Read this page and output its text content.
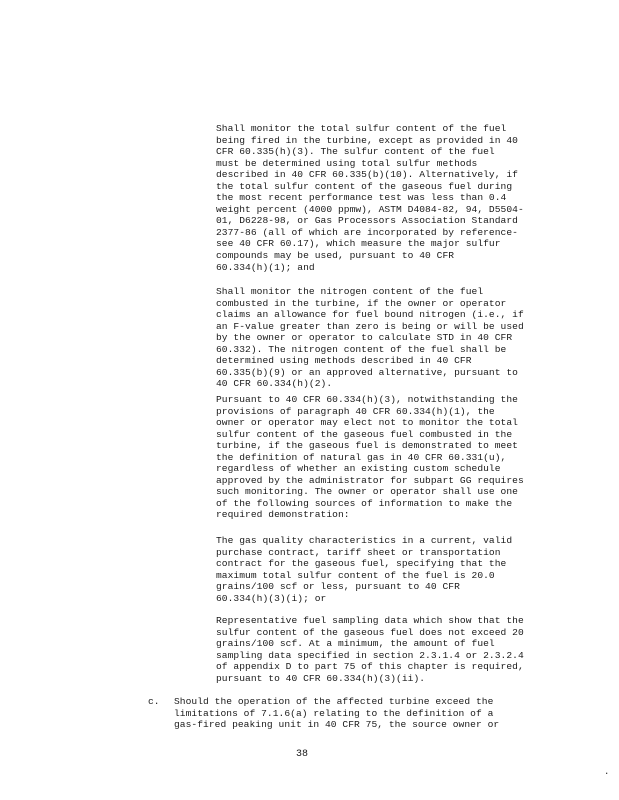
Shall monitor the total sulfur content of the fuel
being fired in the turbine, except as provided in 40
CFR 60.335(h)(3). The sulfur content of the fuel
must be determined using total sulfur methods
described in 40 CFR 60.335(b)(10). Alternatively, if
the total sulfur content of the gaseous fuel during
the most recent performance test was less than 0.4
weight percent (4000 ppmw), ASTM D4084-82, 94, D5504-
01, D6228-98, or Gas Processors Association Standard
2377-86 (all of which are incorporated by reference-
see 40 CFR 60.17), which measure the major sulfur
compounds may be used, pursuant to 40 CFR
60.334(h)(1); and

Shall monitor the nitrogen content of the fuel
combusted in the turbine, if the owner or operator
claims an allowance for fuel bound nitrogen (i.e., if
an F-value greater than zero is being or will be used
by the owner or operator to calculate STD in 40 CFR
60.332). The nitrogen content of the fuel shall be
determined using methods described in 40 CFR
60.335(b)(9) or an approved alternative, pursuant to
40 CFR 60.334(h)(2).

Pursuant to 40 CFR 60.334(h)(3), notwithstanding the
provisions of paragraph 40 CFR 60.334(h)(1), the
owner or operator may elect not to monitor the total
sulfur content of the gaseous fuel combusted in the
turbine, if the gaseous fuel is demonstrated to meet
the definition of natural gas in 40 CFR 60.331(u),
regardless of whether an existing custom schedule
approved by the administrator for subpart GG requires
such monitoring. The owner or operator shall use one
of the following sources of information to make the
required demonstration:

The gas quality characteristics in a current, valid
purchase contract, tariff sheet or transportation
contract for the gaseous fuel, specifying that the
maximum total sulfur content of the fuel is 20.0
grains/100 scf or less, pursuant to 40 CFR
60.334(h)(3)(i); or

Representative fuel sampling data which show that the
sulfur content of the gaseous fuel does not exceed 20
grains/100 scf. At a minimum, the amount of fuel
sampling data specified in section 2.3.1.4 or 2.3.2.4
of appendix D to part 75 of this chapter is required,
pursuant to 40 CFR 60.334(h)(3)(ii).

c. Should the operation of the affected turbine exceed the
limitations of 7.1.6(a) relating to the definition of a
gas-fired peaking unit in 40 CFR 75, the source owner or

38
.
